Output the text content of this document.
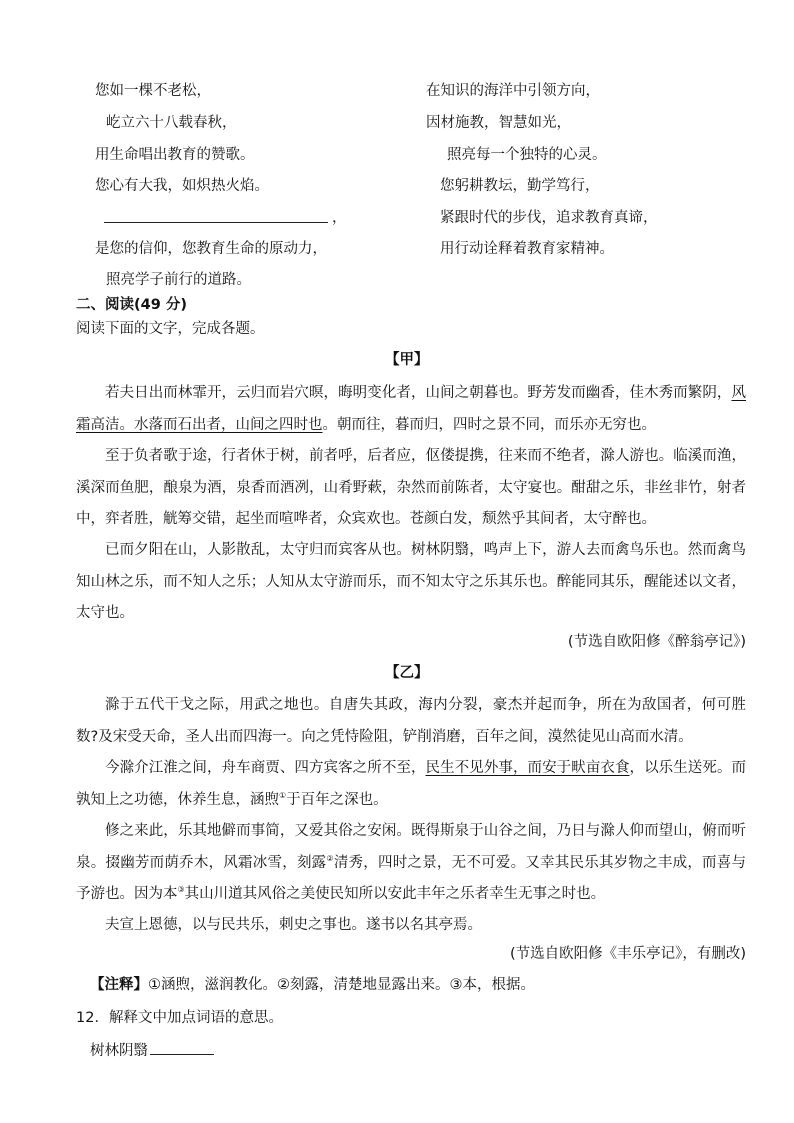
您如一棵不老松，
屹立六十八载春秋，
用生命唱出教育的赞歌。
您心有大我，如炽热火焰。
，
是您的信仰，您教育生命的原动力，
照亮学子前行的道路。
在知识的海洋中引领方向，
因材施教，智慧如光，
照亮每一个独特的心灵。
您躬耕教坛，勤学笃行，
紧跟时代的步伐，追求教育真谛，
用行动诠释着教育家精神。
二、阅读(49 分)
阅读下面的文字，完成各题。
【甲】
若夫日出而林霏开，云归而岩穴暝，晦明变化者，山间之朝暮也。野芳发而幽香，佳木秀而繁阴，风霜高洁。水落而石出者，山间之四时也。朝而往，暮而归，四时之景不同，而乐亦无穷也。
至于负者歌于途，行者休于树，前者呼，后者应，伛偻提携，往来而不绝者，滁人游也。临溪而渔，溪深而鱼肥，酿泉为酒，泉香而酒冽，山肴野蔌，杂然而前陈者，太守宴也。酣甜之乐，非丝非竹，射者中，弈者胜，觥筹交错，起坐而喧哗者，众宾欢也。苍颜白发，颓然乎其间者，太守醉也。
已而夕阳在山，人影散乱，太守归而宾客从也。树林阴翳，鸣声上下，游人去而禽鸟乐也。然而禽鸟知山林之乐，而不知人之乐；人知从太守游而乐，而不知太守之乐其乐也。醉能同其乐，醒能述以文者，太守也。
(节选自欧阳修《醉翁亭记》)
【乙】
滁于五代干戈之际，用武之地也。自唐失其政，海内分裂，豪杰并起而争，所在为敌国者，何可胜数?及宋受天命，圣人出而四海一。向之凭恃险阻，铲削消磨，百年之间，漠然徒见山高而水清。
今滁介江淮之间，舟车商贾、四方宾客之所不至，民生不见外事，而安于畎亩衣食，以乐生送死。而孰知上之功德，休养生息，涵煦①于百年之深也。
修之来此，乐其地僻而事简，又爱其俗之安闲。既得斯泉于山谷之间，乃日与滁人仰而望山，俯而听泉。掇幽芳而荫乔木，风霜冰雪，刻露②清秀，四时之景，无不可爱。又幸其民乐其岁物之丰成，而喜与予游也。因为本③其山川道其风俗之美使民知所以安此丰年之乐者幸生无事之时也。
夫宣上恩德，以与民共乐，刺史之事也。遂书以名其亭焉。
(节选自欧阳修《丰乐亭记》，有删改)
【注释】①涵煦，滋润教化。②刻露，清楚地显露出来。③本，根据。
12．解释文中加点词语的意思。
树林阴翳
